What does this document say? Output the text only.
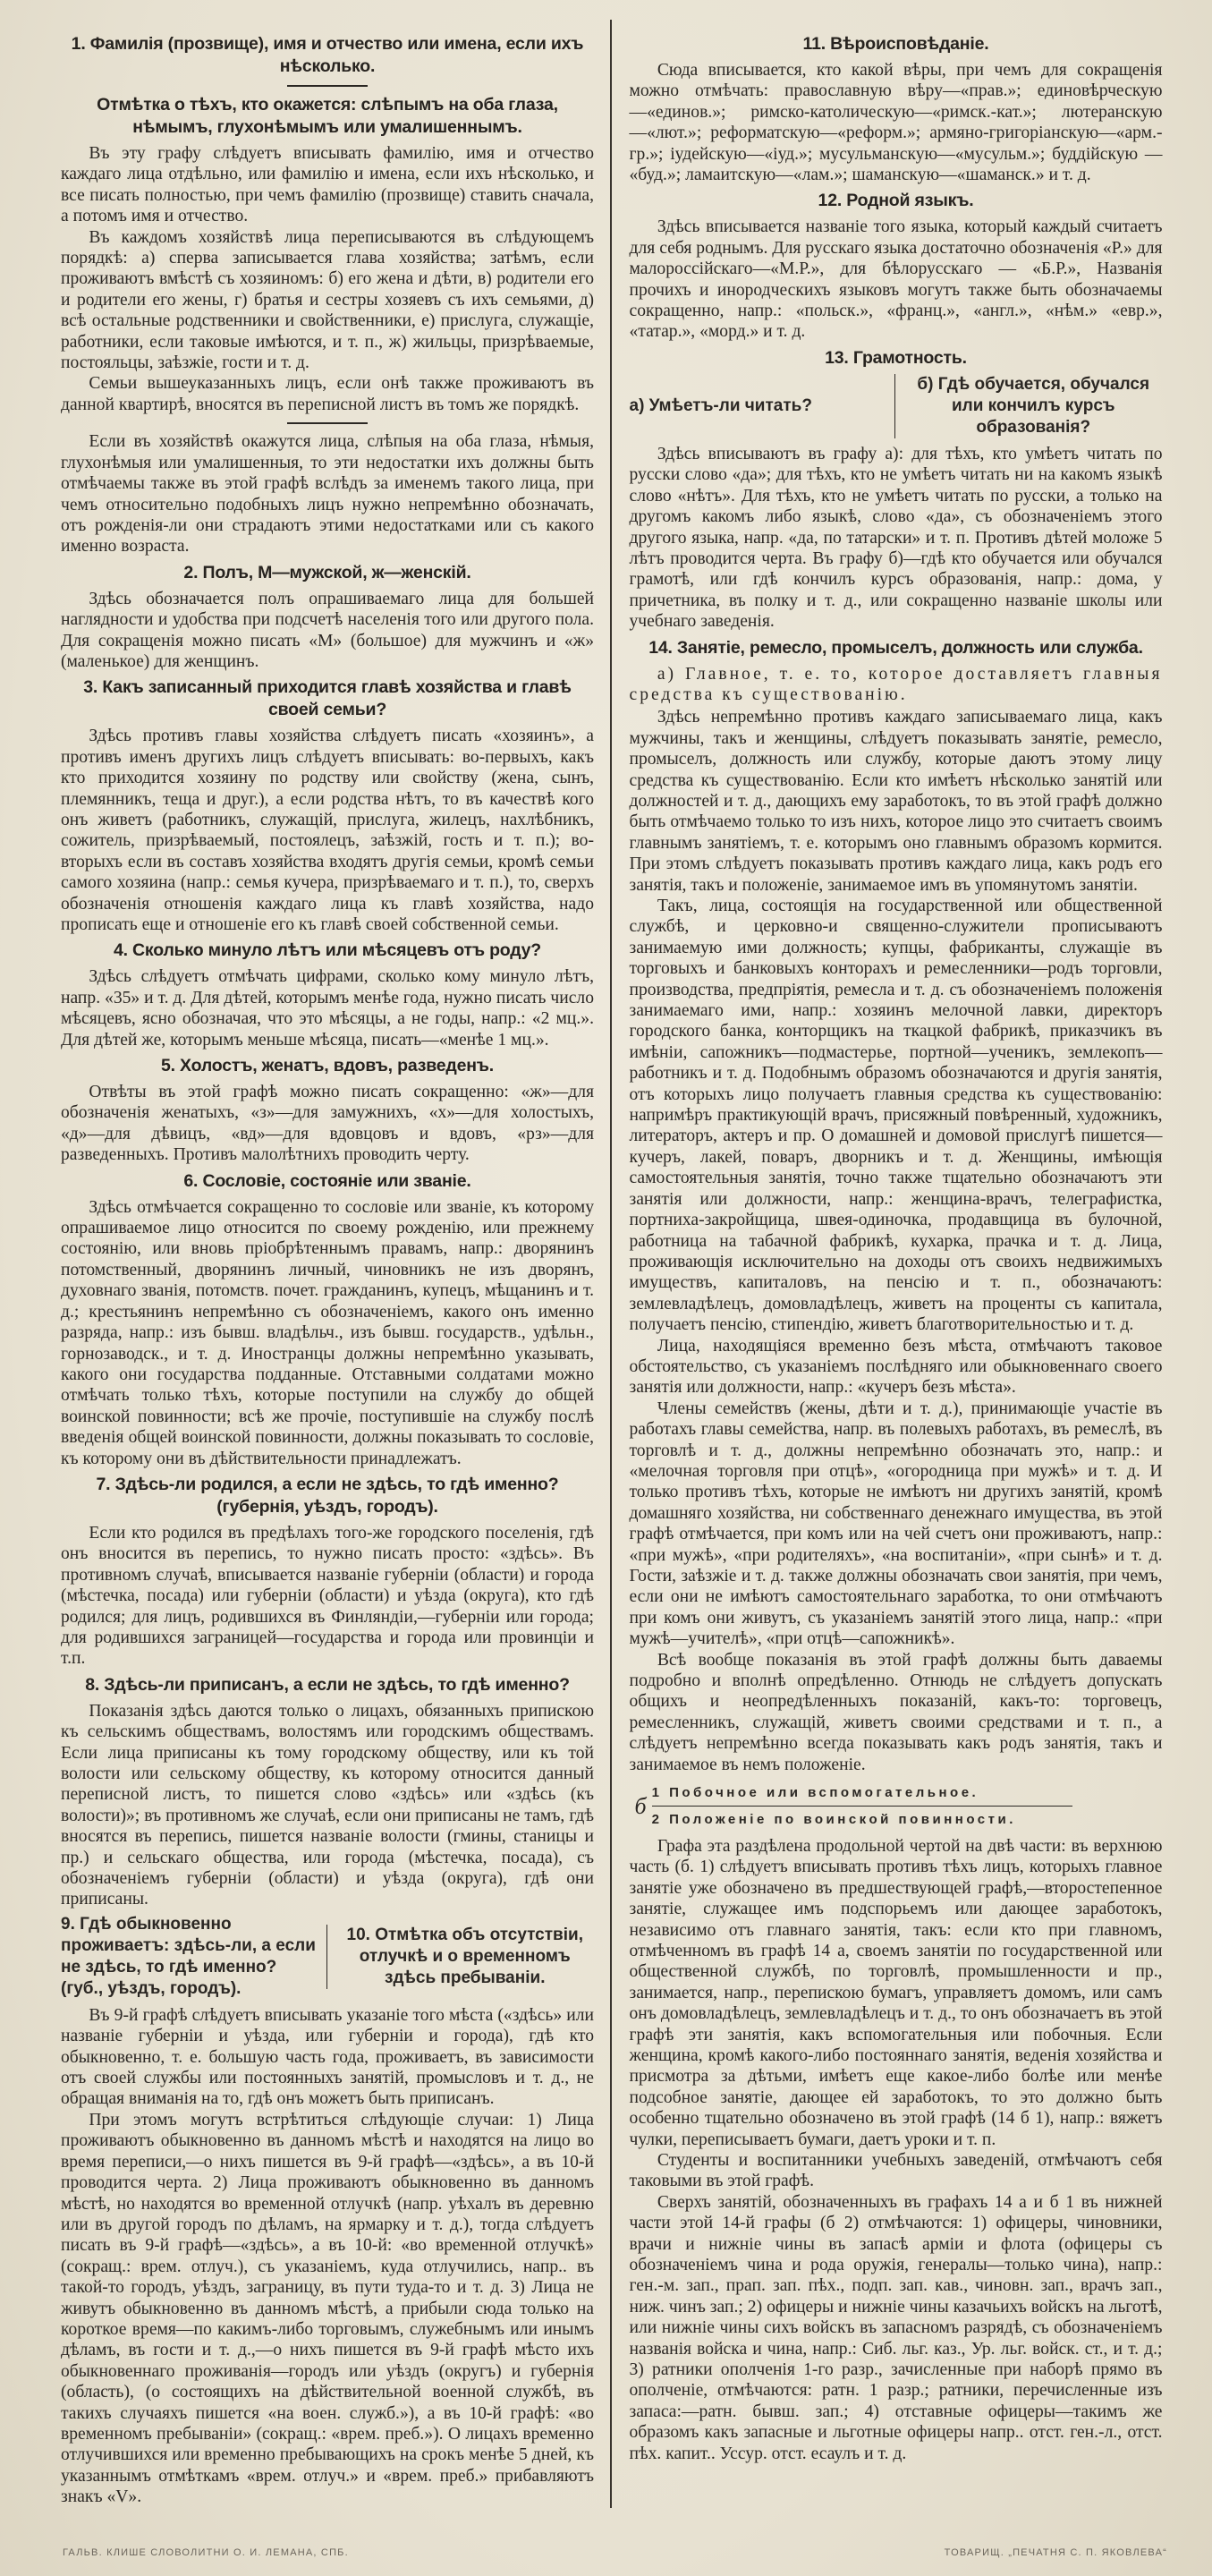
1. Фамилія (прозвище), имя и отчество или имена, если ихъ нѣсколько.
Отмѣтка о тѣхъ, кто окажется: слѣпымъ на оба глаза, нѣмымъ, глухонѣмымъ или умалишеннымъ.

Въ эту графу слѣдуетъ вписывать фамилію, имя и отчество каждаго лица отдѣльно, или фамилію и имена, если ихъ нѣсколько, и все писать полностью, при чемъ фамилію (прозвище) ставить сначала, а потомъ имя и отчество.

Въ каждомъ хозяйствѣ лица переписываются въ слѣдующемъ порядкѣ: а) сперва записывается глава хозяйства; затѣмъ, если проживаютъ вмѣстѣ съ хозяиномъ: б) его жена и дѣти, в) родители его и родители его жены, г) братья и сестры хозяевъ съ ихъ семьями, д) всѣ остальные родственники и свойственники, е) прислуга, служащіе, работники, если таковые имѣются, и т. п., ж) жильцы, призрѣваемые, постояльцы, заѣзжіе, гости и т. д.

Семьи вышеуказанныхъ лицъ, если онѣ также проживаютъ въ данной квартирѣ, вносятся въ переписной листъ въ томъ же порядкѣ.

Если въ хозяйствѣ окажутся лица, слѣпыя на оба глаза, нѣмыя, глухонѣмыя или умалишенныя, то эти недостатки ихъ должны быть отмѣчаемы также въ этой графѣ вслѣдъ за именемъ такого лица, при чемъ относительно подобныхъ лицъ нужно непремѣнно обозначать, отъ рожденія-ли они страдаютъ этими недостатками или съ какого именно возраста.

2. Полъ, М—мужской, ж—женскій.

Здѣсь обозначается полъ опрашиваемаго лица для большей наглядности и удобства при подсчетѣ населенія того или другого пола. Для сокращенія можно писать «М» (большое) для мужчинъ и «ж» (маленькое) для женщинъ.

3. Какъ записанный приходится главѣ хозяйства и главѣ своей семьи?

Здѣсь противъ главы хозяйства слѣдуетъ писать «хозяинъ», а противъ именъ другихъ лицъ слѣдуетъ вписывать: во-первыхъ, какъ кто приходится хозяину по родству или свойству (жена, сынъ, племянникъ, теща и друг.), а если родства нѣтъ, то въ качествѣ кого онъ живетъ (работникъ, служащій, прислуга, жилецъ, нахлѣбникъ, сожитель, призрѣваемый, постоялецъ, заѣзжій, гость и т. п.); во-вторыхъ если въ составъ хозяйства входятъ другія семьи, кромѣ семьи самого хозяина (напр.: семья кучера, призрѣваемаго и т. п.), то, сверхъ обозначенія отношенія каждаго лица къ главѣ хозяйства, надо прописать еще и отношеніе его къ главѣ своей собственной семьи.

4. Сколько минуло лѣтъ или мѣсяцевъ отъ роду?

Здѣсь слѣдуетъ отмѣчать цифрами, сколько кому минуло лѣтъ, напр. «35» и т. д. Для дѣтей, которымъ менѣе года, нужно писать число мѣсяцевъ, ясно обозначая, что это мѣсяцы, а не годы, напр.: «2 мц.». Для дѣтей же, которымъ меньше мѣсяца, писать—«менѣе 1 мц.».

5. Холостъ, женатъ, вдовъ, разведенъ.

Отвѣты въ этой графѣ можно писать сокращенно: «ж»—для обозначенія женатыхъ, «з»—для замужнихъ, «х»—для холостыхъ, «д»—для дѣвицъ, «вд»—для вдовцовъ и вдовъ, «рз»—для разведенныхъ. Противъ малолѣтнихъ проводить черту.

6. Сословіе, состояніе или званіе.

Здѣсь отмѣчается сокращенно то сословіе или званіе, къ которому опрашиваемое лицо относится по своему рожденію, или прежнему состоянію, или вновь пріобрѣтеннымъ правамъ, напр.: дворянинъ потомственный, дворянинъ личный, чиновникъ не изъ дворянъ, духовнаго званія, потомств. почет. гражданинъ, купецъ, мѣщанинъ и т. д.; крестьянинъ непремѣнно съ обозначеніемъ, какого онъ именно разряда, напр.: изъ бывш. владѣльч., изъ бывш. государств., удѣльн., горнозаводск., и т. д. Иностранцы должны непремѣнно указывать, какого они государства подданные. Отставными солдатами можно отмѣчать только тѣхъ, которые поступили на службу до общей воинской повинности; всѣ же прочіе, поступившіе на службу послѣ введенія общей воинской повинности, должны показывать то сословіе, къ которому они въ дѣйствительности принадлежатъ.

7. Здѣсь-ли родился, а если не здѣсь, то гдѣ именно? (губернія, уѣздъ, городъ).

Если кто родился въ предѣлахъ того-же городского поселенія, гдѣ онъ вносится въ перепись, то нужно писать просто: «здѣсь». Въ противномъ случаѣ, вписывается названіе губерніи (области) и города (мѣстечка, посада) или губерніи (области) и уѣзда (округа), кто гдѣ родился; для лицъ, родившихся въ Финляндіи,—губерніи или города; для родившихся заграницей—государства и города или провинціи и т.п.

8. Здѣсь-ли приписанъ, а если не здѣсь, то гдѣ именно?

Показанія здѣсь даются только о лицахъ, обязанныхъ припискою къ сельскимъ обществамъ, волостямъ или городскимъ обществамъ. Если лица приписаны къ тому городскому обществу, или къ той волости или сельскому обществу, къ которому относится данный переписной листъ, то пишется слово «здѣсь» или «здѣсь (къ волости)»; въ противномъ же случаѣ, если они приписаны не тамъ, гдѣ вносятся въ перепись, пишется названіе волости (гмины, станицы и пр.) и сельскаго общества, или города (мѣстечка, посада), съ обозначеніемъ губерніи (области) и уѣзда (округа), гдѣ они приписаны.

9. Гдѣ обыкновенно проживаетъ: здѣсь-ли, а если не здѣсь, то гдѣ именно? (губ., уѣздъ, городъ).
10. Отмѣтка объ отсутствіи, отлучкѣ и о временномъ здѣсь пребываніи.

Въ 9-й графѣ слѣдуетъ вписывать указаніе того мѣста («здѣсь» или названіе губерніи и уѣзда, или губерніи и города), гдѣ кто обыкновенно, т. е. большую часть года, проживаетъ, въ зависимости отъ своей службы или постоянныхъ занятій, промысловъ и т. д., не обращая вниманія на то, гдѣ онъ можетъ быть приписанъ.

При этомъ могутъ встрѣтиться слѣдующіе случаи: 1) Лица проживаютъ обыкновенно въ данномъ мѣстѣ и находятся на лицо во время переписи,—о нихъ пишется въ 9-й графѣ—«здѣсь», а въ 10-й проводится черта. 2) Лица проживаютъ обыкновенно въ данномъ мѣстѣ, но находятся во временной отлучкѣ (напр. уѣхалъ въ деревню или въ другой городъ по дѣламъ, на ярмарку и т. д.), тогда слѣдуетъ писать въ 9-й графѣ—«здѣсь», а въ 10-й: «во временной отлучкѣ» (сокращ.: врем. отлуч.), съ указаніемъ, куда отлучились, напр.. въ такой-то городъ, уѣздъ, заграницу, въ пути туда-то и т. д. 3) Лица не живутъ обыкновенно въ данномъ мѣстѣ, а прибыли сюда только на короткое время—по какимъ-либо торговымъ, служебнымъ или инымъ дѣламъ, въ гости и т. д.,—о нихъ пишется въ 9-й графѣ мѣсто ихъ обыкновеннаго проживанія—городъ или уѣздъ (округъ) и губернія (область), (о состоящихъ на дѣйствительной военной службѣ, въ такихъ случаяхъ пишется «на воен. служб.»), а въ 10-й графѣ: «во временномъ пребываніи» (сокращ.: «врем. преб.»). О лицахъ временно отлучившихся или временно пребывающихъ на срокъ менѣе 5 дней, къ указаннымъ отмѣткамъ «врем. отлуч.» и «врем. преб.» прибавляютъ знакъ «V».

11. Вѣроисповѣданіе.

Сюда вписывается, кто какой вѣры, при чемъ для сокращенія можно отмѣчать: православную вѣру—«прав.»; единовѣрческую—«единов.»; римско-католическую—«римск.-кат.»; лютеранскую—«лют.»; реформатскую—«реформ.»; армяно-григоріанскую—«арм.-гр.»; іудейскую—«іуд.»; мусульманскую—«мусульм.»; буддійскую — «буд.»; ламаитскую—«лам.»; шаманскую—«шаманск.» и т. д.

12. Родной языкъ.

Здѣсь вписывается названіе того языка, который каждый считаетъ для себя роднымъ. Для русскаго языка достаточно обозначенія «Р.» для малороссійскаго—«М.Р.», для бѣлорусскаго — «Б.Р.», Названія прочихъ и инородческихъ языковъ могутъ также быть обозначаемы сокращенно, напр.: «польск.», «франц.», «англ.», «нѣм.» «евр.», «татар.», «морд.» и т. д.

13. Грамотность.
а) Умѣетъ-ли читать?
б) Гдѣ обучается, обучался или кончилъ курсъ образованія?

Здѣсь вписываютъ въ графу а): для тѣхъ, кто умѣетъ читать по русски слово «да»; для тѣхъ, кто не умѣетъ читать ни на какомъ языкѣ слово «нѣтъ». Для тѣхъ, кто не умѣетъ читать по русски, а только на другомъ какомъ либо языкѣ, слово «да», съ обозначеніемъ этого другого языка, напр. «да, по татарски» и т. п. Противъ дѣтей моложе 5 лѣтъ проводится черта. Въ графу б)—гдѣ кто обучается или обучался грамотѣ, или гдѣ кончилъ курсъ образованія, напр.: дома, у причетника, въ полку и т. д., или сокращенно названіе школы или учебнаго заведенія.

14. Занятіе, ремесло, промыселъ, должность или служба.
а) Главное, т. е. то, которое доставляетъ главныя средства къ существованію.

Здѣсь непремѣнно противъ каждаго записываемаго лица, какъ мужчины, такъ и женщины, слѣдуетъ показывать занятіе, ремесло, промыселъ, должность или службу, которые даютъ этому лицу средства къ существованію. Если кто имѣетъ нѣсколько занятій или должностей и т. д., дающихъ ему заработокъ, то въ этой графѣ должно быть отмѣчаемо только то изъ нихъ, которое лицо это считаетъ своимъ главнымъ занятіемъ, т. е. которымъ оно главнымъ образомъ кормится. При этомъ слѣдуетъ показывать противъ каждаго лица, какъ родъ его занятія, такъ и положеніе, занимаемое имъ въ упомянутомъ занятіи.

Такъ, лица, состоящія на государственной или общественной службѣ, и церковно-и священно-служители прописываютъ занимаемую ими должность; купцы, фабриканты, служащіе въ торговыхъ и банковыхъ конторахъ и ремесленники—родъ торговли, производства, предпріятія, ремесла и т. д. съ обозначеніемъ положенія занимаемаго ими, напр.: хозяинъ мелочной лавки, директоръ городского банка, конторщикъ на ткацкой фабрикѣ, приказчикъ въ имѣніи, сапожникъ—подмастерье, портной—ученикъ, землекопъ—работникъ и т. д. Подобнымъ образомъ обозначаются и другія занятія, отъ которыхъ лицо получаетъ главныя средства къ существованію: напримѣръ практикующій врачъ, присяжный повѣренный, художникъ, литераторъ, актеръ и пр. О домашней и домовой прислугѣ пишется—кучеръ, лакей, поваръ, дворникъ и т. д. Женщины, имѣющія самостоятельныя занятія, точно также тщательно обозначаютъ эти занятія или должности, напр.: женщина-врачъ, телеграфистка, портниха-закройщица, швея-одиночка, продавщица въ булочной, работница на табачной фабрикѣ, кухарка, прачка и т. д. Лица, проживающія исключительно на доходы отъ своихъ недвижимыхъ имуществъ, капиталовъ, на пенсію и т. п., обозначаютъ: землевладѣлецъ, домовладѣлецъ, живетъ на проценты съ капитала, получаетъ пенсію, стипендію, живетъ благотворительностью и т. д.

Лица, находящіяся временно безъ мѣста, отмѣчаютъ таковое обстоятельство, съ указаніемъ послѣдняго или обыкновеннаго своего занятія или должности, напр.: «кучеръ безъ мѣста».

Члены семействъ (жены, дѣти и т. д.), принимающіе участіе въ работахъ главы семейства, напр. въ полевыхъ работахъ, въ ремеслѣ, въ торговлѣ и т. д., должны непремѣнно обозначать это, напр.: и «мелочная торговля при отцѣ», «огородница при мужѣ» и т. д. И только противъ тѣхъ, которые не имѣютъ ни другихъ занятій, кромѣ домашняго хозяйства, ни собственнаго денежнаго имущества, въ этой графѣ отмѣчается, при комъ или на чей счетъ они проживаютъ, напр.: «при мужѣ», «при родителяхъ», «на воспитаніи», «при сынѣ» и т. д. Гости, заѣзжіе и т. д. также должны обозначать свои занятія, при чемъ, если они не имѣютъ самостоятельнаго заработка, то они отмѣчаютъ при комъ они живутъ, съ указаніемъ занятій этого лица, напр.: «при мужѣ—учителѣ», «при отцѣ—сапожникѣ».

Всѣ вообще показанія въ этой графѣ должны быть даваемы подробно и вполнѣ опредѣленно. Отнюдь не слѣдуетъ допускать общихъ и неопредѣленныхъ показаній, какъ-то: торговецъ, ремесленникъ, служащій, живетъ своими средствами и т. п., а слѣдуетъ непремѣнно всегда показывать какъ родъ занятія, такъ и занимаемое въ немъ положеніе.

б
1 Побочное или вспомогательное.
2 Положеніе по воинской повинности.

Графа эта раздѣлена продольной чертой на двѣ части: въ верхнюю часть (б. 1) слѣдуетъ вписывать противъ тѣхъ лицъ, которыхъ главное занятіе уже обозначено въ предшествующей графѣ,—второстепенное занятіе, служащее имъ подспорьемъ или дающее заработокъ, независимо отъ главнаго занятія, такъ: если кто при главномъ, отмѣченномъ въ графѣ 14 а, своемъ занятіи по государственной или общественной службѣ, по торговлѣ, промышленности и пр., занимается, напр., перепискою бумагъ, управляетъ домомъ, или самъ онъ домовладѣлецъ, землевладѣлецъ и т. д., то онъ обозначаетъ въ этой графѣ эти занятія, какъ вспомогательныя или побочныя. Если женщина, кромѣ какого-либо постояннаго занятія, веденія хозяйства и присмотра за дѣтьми, имѣетъ еще какое-либо болѣе или менѣе подсобное занятіе, дающее ей заработокъ, то это должно быть особенно тщательно обозначено въ этой графѣ (14 б 1), напр.: вяжетъ чулки, переписываетъ бумаги, даетъ уроки и т. п.

Студенты и воспитанники учебныхъ заведеній, отмѣчаютъ себя таковыми въ этой графѣ.

Сверхъ занятій, обозначенныхъ въ графахъ 14 а и б 1 въ нижней части этой 14-й графы (б 2) отмѣчаются: 1) офицеры, чиновники, врачи и нижніе чины въ запасѣ арміи и флота (офицеры съ обозначеніемъ чина и рода оружія, генералы—только чина), напр.: ген.-м. зап., прап. зап. пѣх., подп. зап. кав., чиновн. зап., врачъ зап., ниж. чинъ зап.; 2) офицеры и нижніе чины казачьихъ войскъ на льготѣ, или нижніе чины сихъ войскъ въ запасномъ разрядѣ, съ обозначеніемъ названія войска и чина, напр.: Сиб. льг. каз., Ур. льг. войск. ст., и т. д.; 3) ратники ополченія 1-го разр., зачисленные при наборѣ прямо въ ополченіе, отмѣчаются: ратн. 1 разр.; ратники, перечисленные изъ запаса:—ратн. бывш. зап.; 4) отставные офицеры—такимъ же образомъ какъ запасные и льготные офицеры напр.. отст. ген.-л., отст. пѣх. капит.. Уссур. отст. есаулъ и т. д.

ГАЛЬВ. КЛИШЕ СЛОВОЛИТНИ О. И. ЛЕМАНА, СПБ.	ТОВАРИЩ. „ПЕЧАТНЯ С. П. ЯКОВЛЕВА“
